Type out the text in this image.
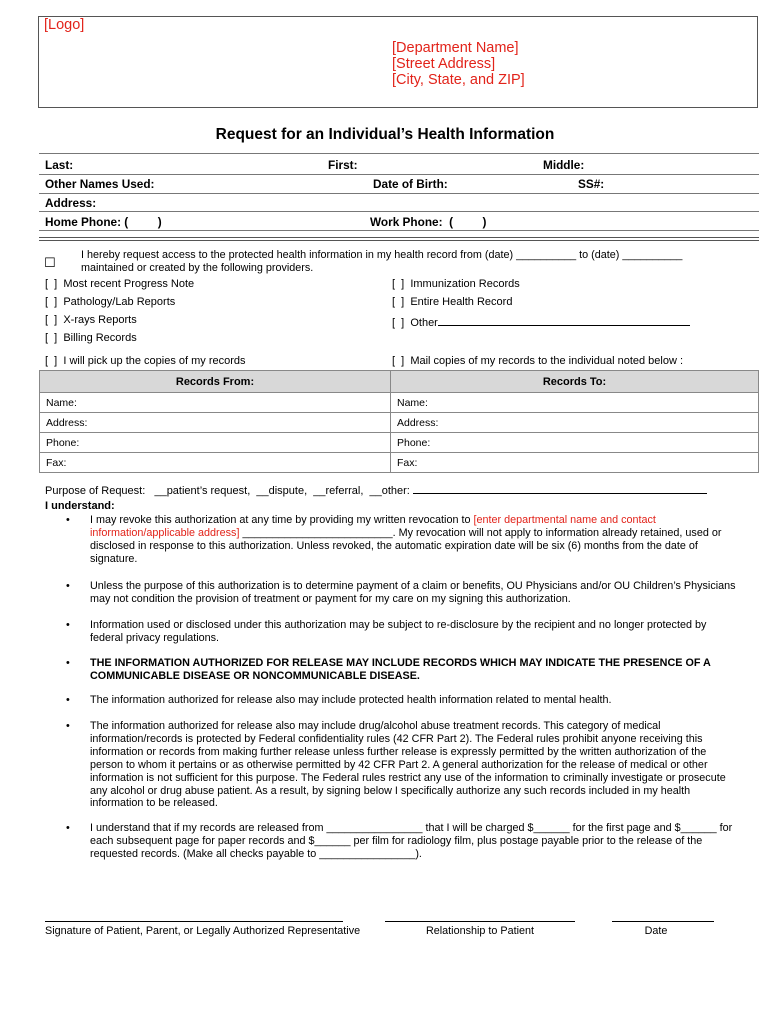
[Logo]
[Department Name]
[Street Address]
[City, State, and ZIP]
Request for an Individual’s Health Information
Last:	First:	Middle:
Other Names Used:	Date of Birth:	SS#:
Address:
Home Phone: (         )	Work Phone:  (         )
☐ I hereby request access to the protected health information in my health record from (date) __________ to (date) __________
maintained or created by the following providers.
[  ]  Most recent Progress Note
[  ]  Pathology/Lab Reports
[  ]  X-rays Reports
[  ]  Billing Records
[  ]  Immunization Records
[  ]  Entire Health Record
[  ]  Other
[  ]  I will pick up the copies of my records	[  ]  Mail copies of my records to the individual noted below :
Records From:	Records To:
Name:	Name:
Address:	Address:
Phone:	Phone:
Fax:	Fax:
Purpose of Request:   __patient’s request,  __dispute,  __referral,  __other:
I understand:
• I may revoke this authorization at any time by providing my written revocation to [enter departmental name and contact information/applicable address] _________________________. My revocation will not apply to information already retained, used or disclosed in response to this authorization. Unless revoked, the automatic expiration date will be six (6) months from the date of signature.
• Unless the purpose of this authorization is to determine payment of a claim or benefits, OU Physicians and/or OU Children’s Physicians may not condition the provision of treatment or payment for my care on my signing this authorization.
• Information used or disclosed under this authorization may be subject to re-disclosure by the recipient and no longer protected by federal privacy regulations.
• THE INFORMATION AUTHORIZED FOR RELEASE MAY INCLUDE RECORDS WHICH MAY INDICATE THE PRESENCE OF A COMMUNICABLE DISEASE OR NONCOMMUNICABLE DISEASE.
• The information authorized for release also may include protected health information related to mental health.
• The information authorized for release also may include drug/alcohol abuse treatment records. This category of medical information/records is protected by Federal confidentiality rules (42 CFR Part 2). The Federal rules prohibit anyone receiving this information or records from making further release unless further release is expressly permitted by the written authorization of the person to whom it pertains or as otherwise permitted by 42 CFR Part 2. A general authorization for the release of medical or other information is not sufficient for this purpose. The Federal rules restrict any use of the information to criminally investigate or prosecute any alcohol or drug abuse patient. As a result, by signing below I specifically authorize any such records included in my health information to be released.
• I understand that if my records are released from ________________ that I will be charged $______ for the first page and $______ for each subsequent page for paper records and $______ per film for radiology film, plus postage payable prior to the release of the requested records. (Make all checks payable to ________________).
Signature of Patient, Parent, or Legally Authorized Representative	Relationship to Patient	Date
